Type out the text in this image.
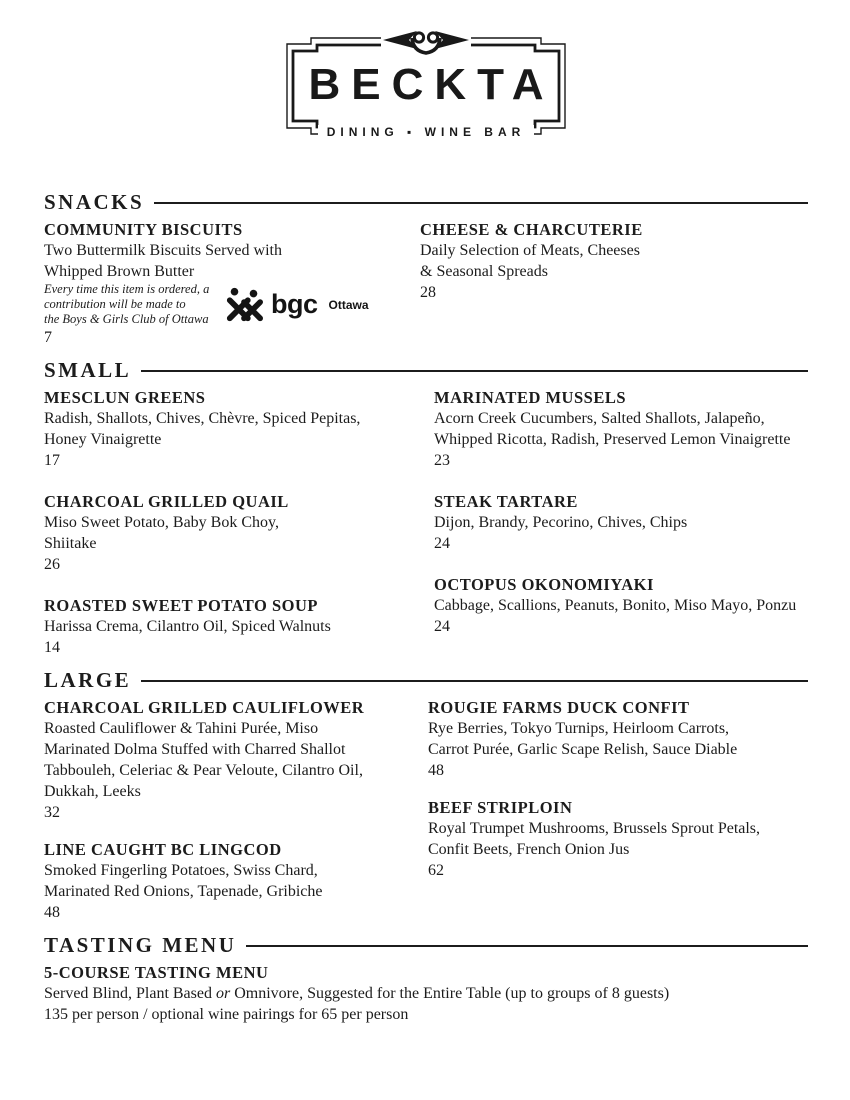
BECKTA
DINING ▪ WINE BAR
SNACKS
COMMUNITY BISCUITS
Two Buttermilk Biscuits Served with
Whipped Brown Butter
Every time this item is ordered, a
contribution will be made to
the Boys & Girls Club of Ottawa bgc Ottawa
7
CHEESE & CHARCUTERIE
Daily Selection of Meats, Cheeses
& Seasonal Spreads
28
SMALL
MESCLUN GREENS
Radish, Shallots, Chives, Chèvre, Spiced Pepitas,
Honey Vinaigrette
17
CHARCOAL GRILLED QUAIL
Miso Sweet Potato, Baby Bok Choy,
Shiitake
26
ROASTED SWEET POTATO SOUP
Harissa Crema, Cilantro Oil, Spiced Walnuts
14
MARINATED MUSSELS
Acorn Creek Cucumbers, Salted Shallots, Jalapeño,
Whipped Ricotta, Radish, Preserved Lemon Vinaigrette
23
STEAK TARTARE
Dijon, Brandy, Pecorino, Chives, Chips
24
OCTOPUS OKONOMIYAKI
Cabbage, Scallions, Peanuts, Bonito, Miso Mayo, Ponzu
24
LARGE
CHARCOAL GRILLED CAULIFLOWER
Roasted Cauliflower & Tahini Purée, Miso
Marinated Dolma Stuffed with Charred Shallot
Tabbouleh, Celeriac & Pear Veloute, Cilantro Oil,
Dukkah, Leeks
32
LINE CAUGHT BC LINGCOD
Smoked Fingerling Potatoes, Swiss Chard,
Marinated Red Onions, Tapenade, Gribiche
48
ROUGIE FARMS DUCK CONFIT
Rye Berries, Tokyo Turnips, Heirloom Carrots,
Carrot Purée, Garlic Scape Relish, Sauce Diable
48
BEEF STRIPLOIN
Royal Trumpet Mushrooms, Brussels Sprout Petals,
Confit Beets, French Onion Jus
62
TASTING MENU
5-COURSE TASTING MENU
Served Blind, Plant Based or Omnivore, Suggested for the Entire Table (up to groups of 8 guests)
135 per person / optional wine pairings for 65 per person
